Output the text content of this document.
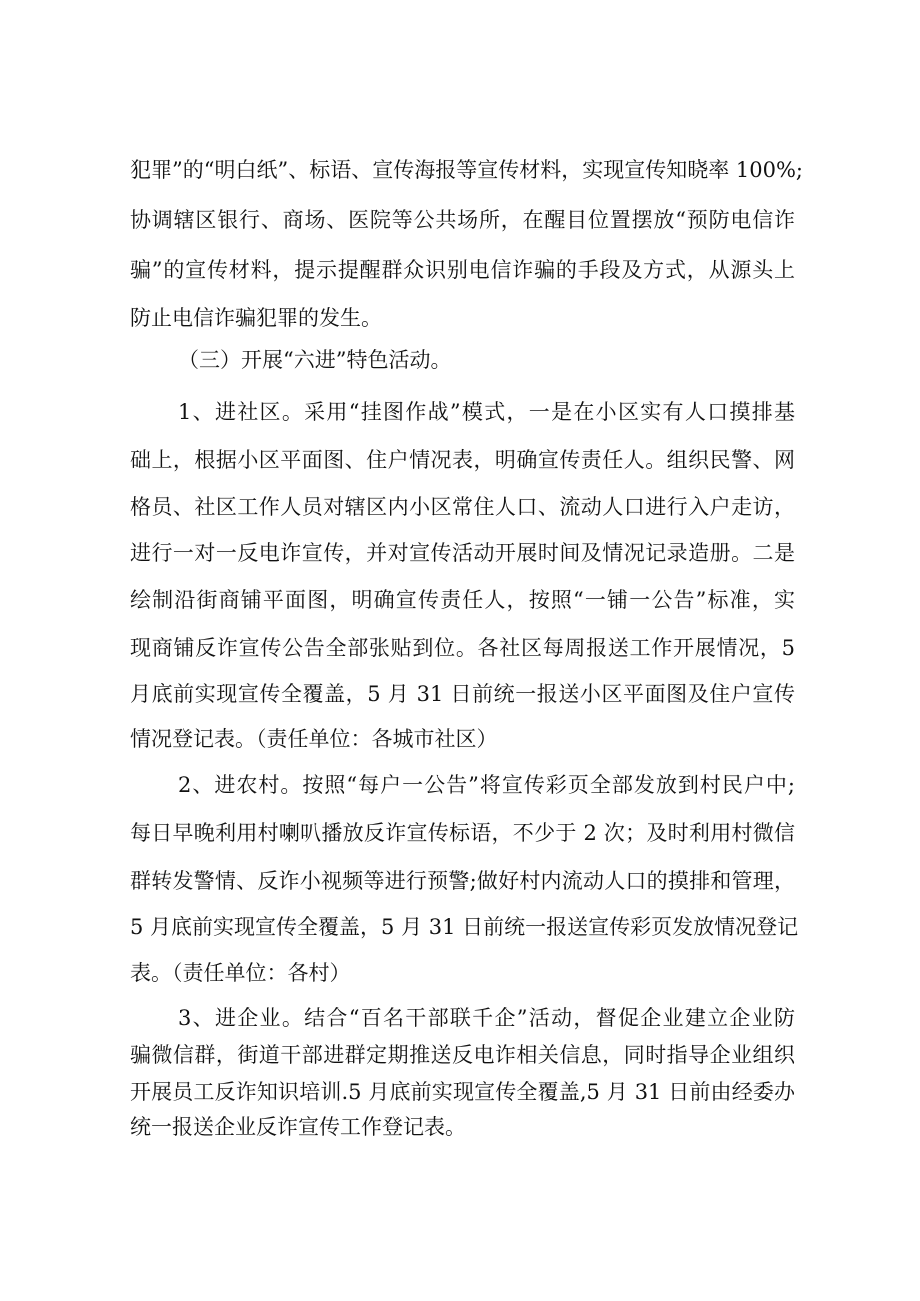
犯罪”的“明白纸”、标语、宣传海报等宣传材料，实现宣传知晓率 100%;
协调辖区银行、商场、医院等公共场所，在醒目位置摆放“预防电信诈
骗”的宣传材料，提示提醒群众识别电信诈骗的手段及方式，从源头上
防止电信诈骗犯罪的发生。
（三）开展“六进”特色活动。
1、进社区。采用“挂图作战”模式，一是在小区实有人口摸排基
础上，根据小区平面图、住户情况表，明确宣传责任人。组织民警、网
格员、社区工作人员对辖区内小区常住人口、流动人口进行入户走访，
进行一对一反电诈宣传，并对宣传活动开展时间及情况记录造册。二是
绘制沿街商铺平面图，明确宣传责任人，按照“一铺一公告”标准，实
现商铺反诈宣传公告全部张贴到位。各社区每周报送工作开展情况，5
月底前实现宣传全覆盖，5 月 31 日前统一报送小区平面图及住户宣传
情况登记表。（责任单位：各城市社区）
2、进农村。按照“每户一公告”将宣传彩页全部发放到村民户中;
每日早晚利用村喇叭播放反诈宣传标语，不少于 2 次；及时利用村微信
群转发警情、反诈小视频等进行预警;做好村内流动人口的摸排和管理，
5 月底前实现宣传全覆盖，5 月 31 日前统一报送宣传彩页发放情况登记
表。（责任单位：各村）
3、进企业。结合“百名干部联千企”活动，督促企业建立企业防
骗微信群，街道干部进群定期推送反电诈相关信息，同时指导企业组织
开展员工反诈知识培训.5 月底前实现宣传全覆盖,5 月 31 日前由经委办
统一报送企业反诈宣传工作登记表。
